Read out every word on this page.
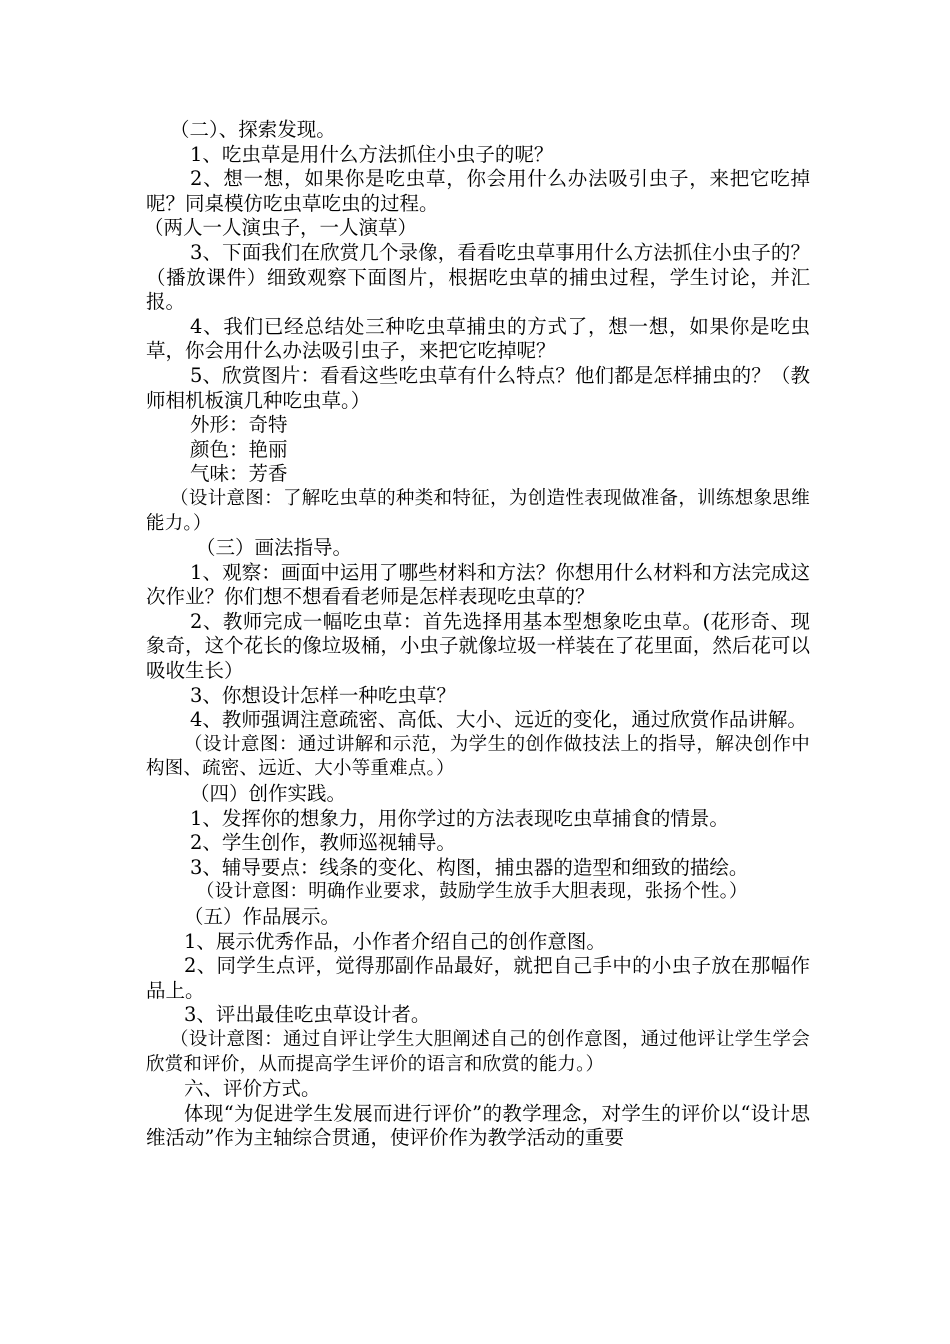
（二）、探索发现。

1、吃虫草是用什么方法抓住小虫子的呢？

2、想一想，如果你是吃虫草，你会用什么办法吸引虫子，来把它吃掉呢？同桌模仿吃虫草吃虫的过程。

（两人一人演虫子，一人演草）

3、下面我们在欣赏几个录像，看看吃虫草事用什么方法抓住小虫子的？（播放课件）细致观察下面图片，根据吃虫草的捕虫过程，学生讨论，并汇报。

4、我们已经总结处三种吃虫草捕虫的方式了，想一想，如果你是吃虫草，你会用什么办法吸引虫子，来把它吃掉呢？

5、欣赏图片：看看这些吃虫草有什么特点？他们都是怎样捕虫的？（教师相机板演几种吃虫草。）

外形：奇特

颜色：艳丽

气味：芳香

（设计意图：了解吃虫草的种类和特征，为创造性表现做准备，训练想象思维能力。）

（三）画法指导。

1、观察：画面中运用了哪些材料和方法？你想用什么材料和方法完成这次作业？你们想不想看看老师是怎样表现吃虫草的？

2、教师完成一幅吃虫草：首先选择用基本型想象吃虫草。(花形奇、现象奇，这个花长的像垃圾桶，小虫子就像垃圾一样装在了花里面，然后花可以吸收生长）

3、你想设计怎样一种吃虫草？

4、教师强调注意疏密、高低、大小、远近的变化，通过欣赏作品讲解。

（设计意图：通过讲解和示范，为学生的创作做技法上的指导，解决创作中构图、疏密、远近、大小等重难点。）

（四）创作实践。

1、发挥你的想象力，用你学过的方法表现吃虫草捕食的情景。

2、学生创作，教师巡视辅导。

3、辅导要点：线条的变化、构图，捕虫器的造型和细致的描绘。

（设计意图：明确作业要求，鼓励学生放手大胆表现，张扬个性。）

（五）作品展示。

1、展示优秀作品，小作者介绍自己的创作意图。

2、同学生点评，觉得那副作品最好，就把自己手中的小虫子放在那幅作品上。

3、评出最佳吃虫草设计者。

（设计意图：通过自评让学生大胆阐述自己的创作意图，通过他评让学生学会欣赏和评价，从而提高学生评价的语言和欣赏的能力。）

六、评价方式。

体现“为促进学生发展而进行评价”的教学理念，对学生的评价以“设计思维活动”作为主轴综合贯通，使评价作为教学活动的重要
